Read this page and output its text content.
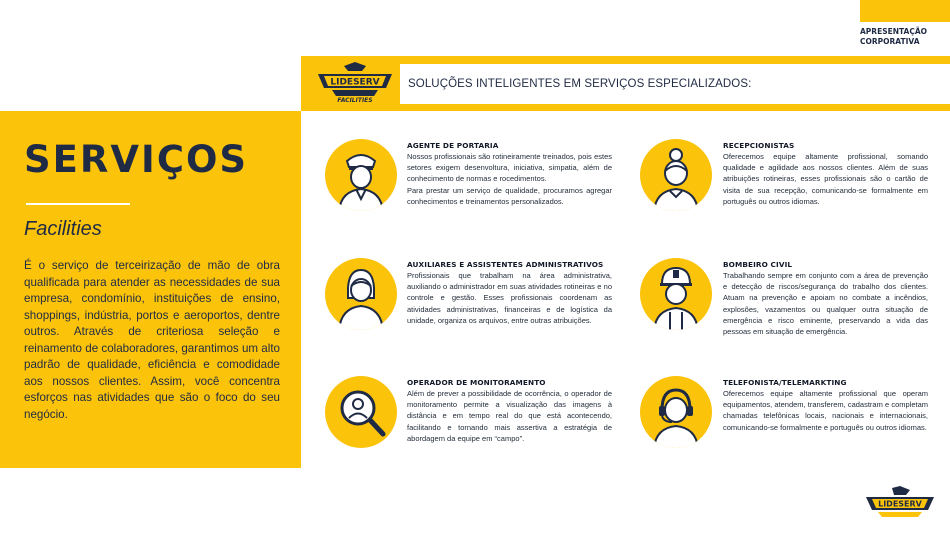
APRESENTAÇÃO CORPORATIVA
SOLUÇÕES INTELIGENTES EM SERVIÇOS ESPECIALIZADOS:
LIDESERV
FACILITIES
SERVIÇOS
Facilities
É o serviço de terceirização de mão de obra qualificada para atender as necessidades de sua empresa, condomínio, instituições de ensino, shoppings, indústria, portos e aeroportos, dentre outros. Através de criteriosa seleção e reinamento de colaboradores, garantimos um alto padrão de qualidade, eficiência e comodidade aos nossos clientes. Assim, você concentra esforços nas atividades que são o foco do seu negócio.
AGENTE DE PORTARIA

Nossos profissionais são rotineiramente treinados, pois estes setores exigem desenvoltura, iniciativa, simpatia, além de conhecimento de normas e rocedimentos.

Para prestar um serviço de qualidade, procuramos agregar conhecimentos e treinamentos personalizados.

RECEPCIONISTAS

Oferecemos equipe altamente profissional, somando qualidade e agilidade aos nossos clientes. Além de suas atribuições rotineiras, esses profissionais são o cartão de visita de sua recepção, comunicando-se formalmente em português ou outros idiomas.

AUXILIARES E ASSISTENTES ADMINISTRATIVOS

Profissionais que trabalham na área administrativa, auxiliando o administrador em suas atividades rotineiras e no controle e gestão. Esses profissionais coordenam as atividades administrativas, financeiras e de logística da unidade, organiza os arquivos, entre outras atribuições.

BOMBEIRO CIVIL

Trabalhando sempre em conjunto com a área de prevenção e detecção de riscos/segurança do trabalho dos clientes. Atuam na prevenção e apoiam no combate a incêndios, explosões, vazamentos ou qualquer outra situação de emergência e risco eminente, preservando a vida das pessoas em situação de emergência.

OPERADOR DE MONITORAMENTO

Além de prever a possibilidade de ocorrência, o operador de monitoramento permite a visualização das imagens à distância e em tempo real do que está acontecendo, facilitando e tornando mais assertiva a estratégia de abordagem da equipe em “campo”.

TELEFONISTA/TELEMARKTING

Oferecemos equipe altamente profissional que operam equipamentos, atendem, transferem, cadastram e completam chamadas telefônicas locais, nacionais e internacionais, comunicando-se formalmente e português ou outros idiomas.

LIDESERV
